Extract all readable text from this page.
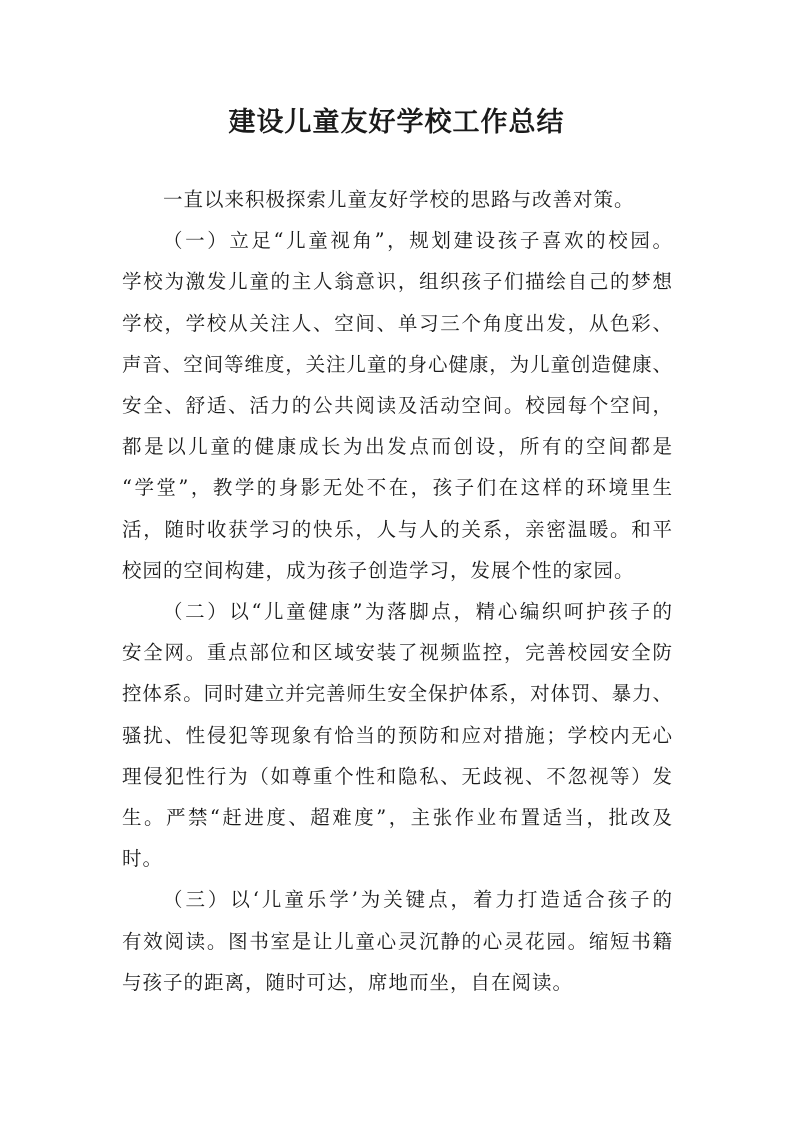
建设儿童友好学校工作总结
一直以来积极探索儿童友好学校的思路与改善对策。
（一）立足“儿童视角”，规划建设孩子喜欢的校园。
学校为激发儿童的主人翁意识，组织孩子们描绘自己的梦想
学校，学校从关注人、空间、单习三个角度出发，从色彩、
声音、空间等维度，关注儿童的身心健康，为儿童创造健康、
安全、舒适、活力的公共阅读及活动空间。校园每个空间，
都是以儿童的健康成长为出发点而创设，所有的空间都是
“学堂”，教学的身影无处不在，孩子们在这样的环境里生
活，随时收获学习的快乐，人与人的关系，亲密温暖。和平
校园的空间构建，成为孩子创造学习，发展个性的家园。
（二）以“儿童健康”为落脚点，精心编织呵护孩子的
安全网。重点部位和区域安装了视频监控，完善校园安全防
控体系。同时建立并完善师生安全保护体系，对体罚、暴力、
骚扰、性侵犯等现象有恰当的预防和应对措施；学校内无心
理侵犯性行为（如尊重个性和隐私、无歧视、不忽视等）发
生。严禁“赶进度、超难度”，主张作业布置适当，批改及
时。
（三）以‘儿童乐学’为关键点，着力打造适合孩子的
有效阅读。图书室是让儿童心灵沉静的心灵花园。缩短书籍
与孩子的距离，随时可达，席地而坐，自在阅读。
